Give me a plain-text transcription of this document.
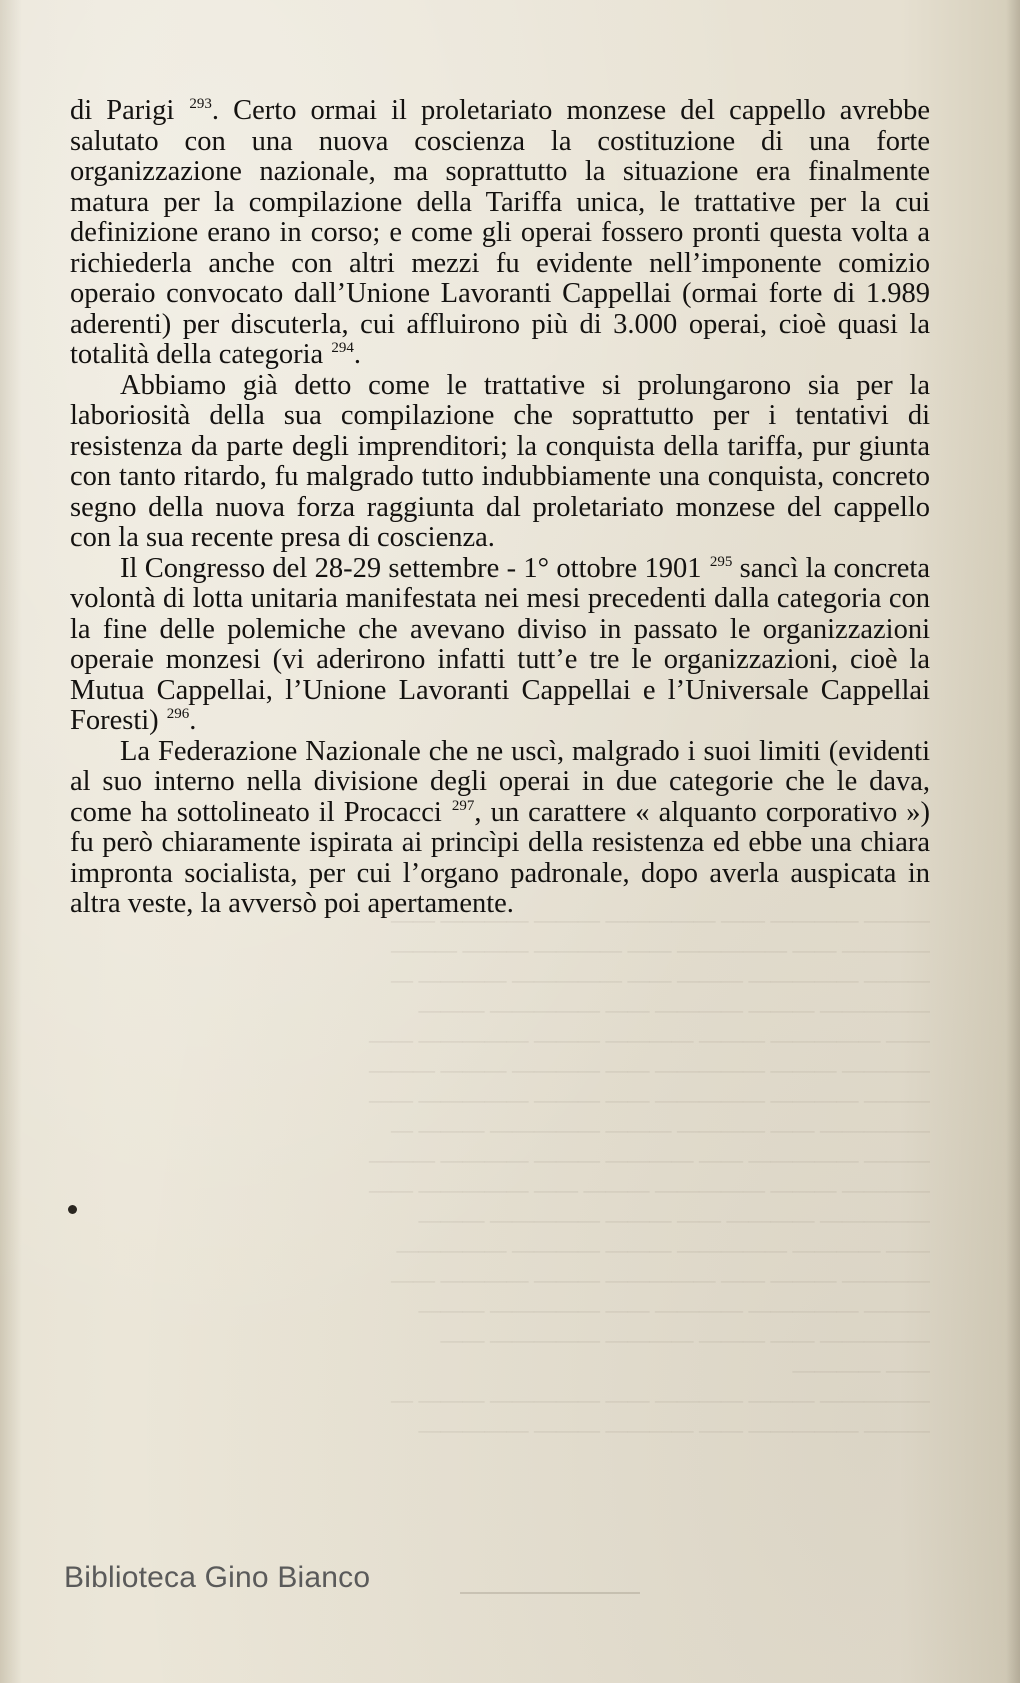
di Parigi $^{293}$. Certo ormai il proletariato monzese del cappello avrebbe salutato con una nuova coscienza la costituzione di una forte organizzazione nazionale, ma soprattutto la situazione era finalmente matura per la compilazione della Tariffa unica, le trattative per la cui definizione erano in corso; e come gli operai fossero pronti questa volta a richiederla anche con altri mezzi fu evidente nell’imponente comizio operaio convocato dall’Unione Lavoranti Cappellai (ormai forte di 1.989 aderenti) per discuterla, cui affluirono più di 3.000 operai, cioè quasi la totalità della categoria $^{294}$.

Abbiamo già detto come le trattative si prolungarono sia per la laboriosità della sua compilazione che soprattutto per i tentativi di resistenza da parte degli imprenditori; la conquista della tariffa, pur giunta con tanto ritardo, fu malgrado tutto indubbiamente una conquista, concreto segno della nuova forza raggiunta dal proletariato monzese del cappello con la sua recente presa di coscienza.

Il Congresso del 28-29 settembre - 1° ottobre 1901 $^{295}$ sancì la concreta volontà di lotta unitaria manifestata nei mesi precedenti dalla categoria con la fine delle polemiche che avevano diviso in passato le organizzazioni operaie monzesi (vi aderirono infatti tutt’e tre le organizzazioni, cioè la Mutua Cappellai, l’Unione Lavoranti Cappellai e l’Universale Cappellai Foresti) $^{296}$.

La Federazione Nazionale che ne uscì, malgrado i suoi limiti (evidenti al suo interno nella divisione degli operai in due categorie che le dava, come ha sottolineato il Procacci $^{297}$, un carattere « alquanto corporativo ») fu però chiaramente ispirata ai princìpi della resistenza ed ebbe una chiara impronta socialista, per cui l’organo padronale, dopo averla auspicata in altra veste, la avversò poi apertamente.

​——— ———— —— ————— ——— ———— ——
———— —— ————— —— ———— ——— ———
——— ————— ——— —— ————— ———— —
————— ——— ———— —— ————— ———
—— ————— ——— ———— ——— ————— ——
———— ——— ————— —— ———— ——— ———
——— ———— ————— —— ——— ————— ——
————— —— ———— ——— ————— ——— —
——— ————— —— ———— ——— ———— ———
———— ——— ————— ——— —— ————— ——
————— ———— —— ——— ————— ———
—— ———— ————— ——— ———— —————
———— ——— —— ————— ——— ———— ——
——— ————— ———— —— ————— ———
————— —— ——— ———— ————— ——
—— ————
————— ——— ———— —— ————— ——— —
——— ————— —— ———— ——— —————
Biblioteca Gino Bianco
